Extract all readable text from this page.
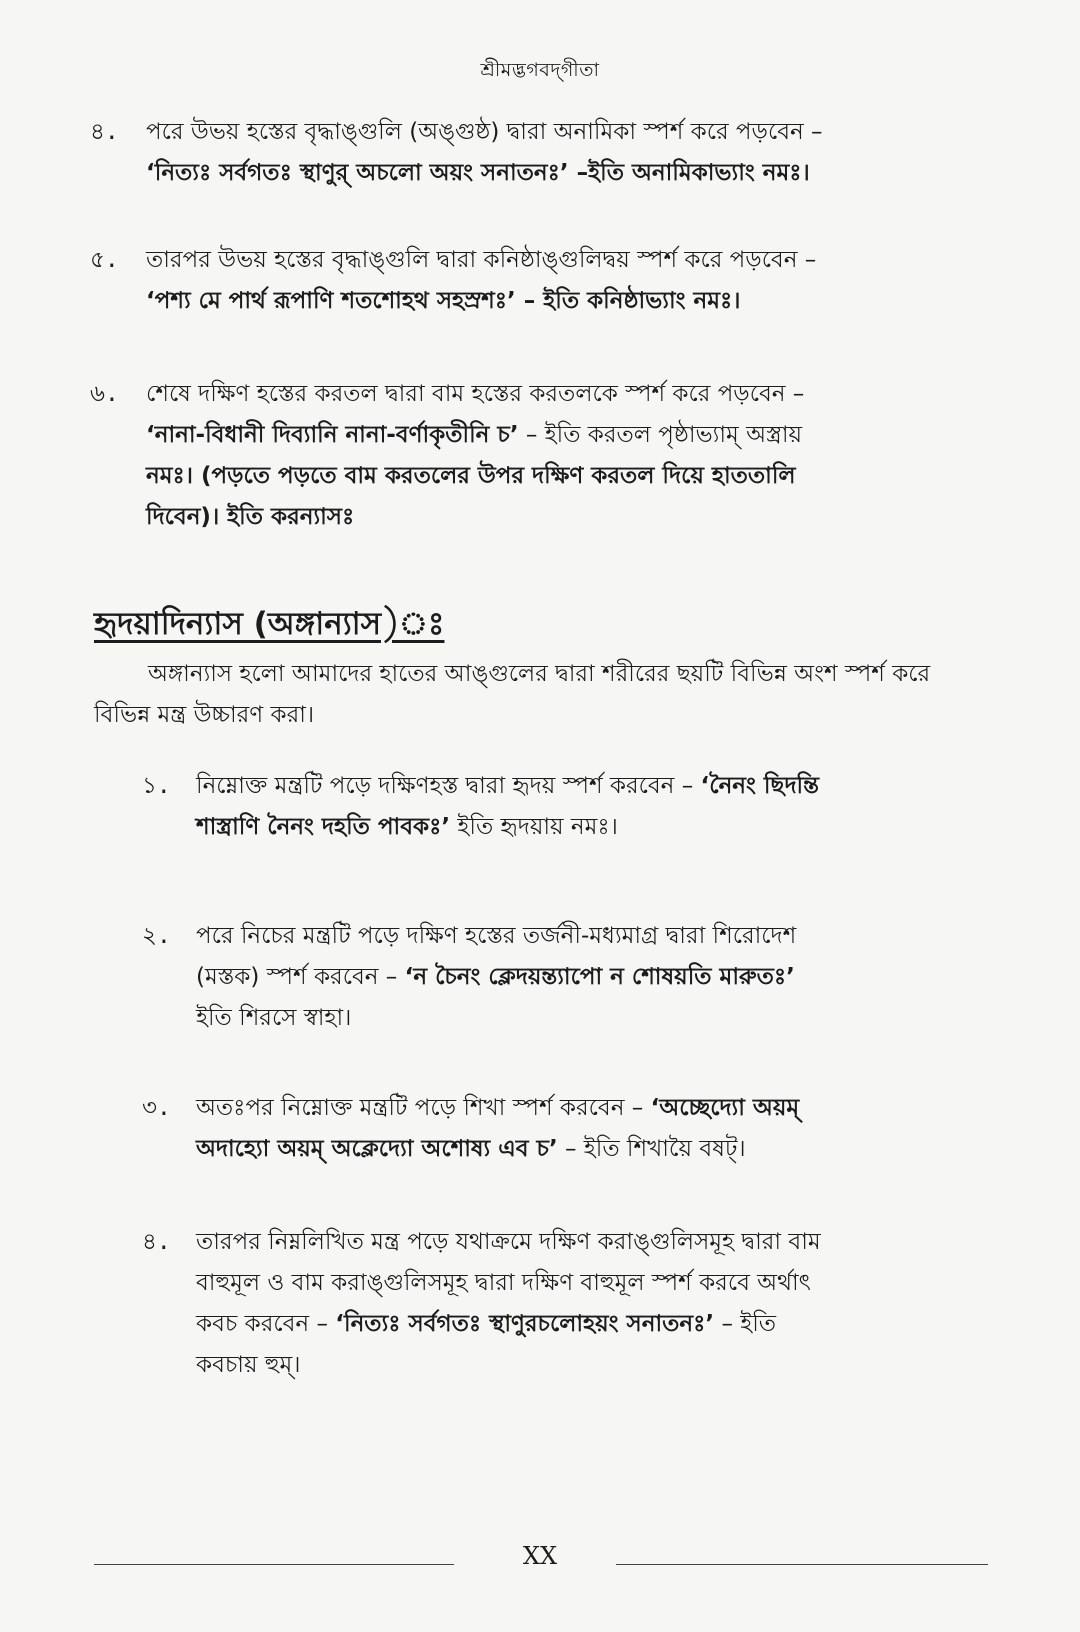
শ্রীমদ্ভগবদ্‌গীতা
৪.	পরে উভয় হস্তের বৃদ্ধাঙ্গুলি (অঙ্গুষ্ঠ) দ্বারা অনামিকা স্পর্শ করে পড়বেন –

‘নিত্যঃ সর্বগতঃ স্থাণুর্‌ অচলো অয়ং সনাতনঃ’ –ইতি অনামিকাভ্যাং নমঃ।

৫.	তারপর উভয় হস্তের বৃদ্ধাঙ্গুলি দ্বারা কনিষ্ঠাঙ্গুলিদ্বয় স্পর্শ করে পড়বেন –

‘পশ্য মে পার্থ রূপাণি শতশোহথ সহস্রশঃ’ – ইতি কনিষ্ঠাভ্যাং নমঃ।

৬.	শেষে দক্ষিণ হস্তের করতল দ্বারা বাম হস্তের করতলকে স্পর্শ করে পড়বেন –

‘নানা-বিধানী দিব্যানি নানা-বর্ণাকৃতীনি চ’ – ইতি করতল পৃষ্ঠাভ্যাম্‌ অস্ত্রায়

নমঃ। (পড়তে পড়তে বাম করতলের উপর দক্ষিণ করতল দিয়ে হাততালি

দিবেন)। ইতি করন্যাসঃ

হৃদয়াদিন্যাস (অঙ্গান্যাস)ঃ

অঙ্গান্যাস হলো আমাদের হাতের আঙ্গুলের দ্বারা শরীরের ছয়টি বিভিন্ন অংশ স্পর্শ করে বিভিন্ন মন্ত্র উচ্চারণ করা।

১.	নিম্নোক্ত মন্ত্রটি পড়ে দক্ষিণহস্ত দ্বারা হৃদয় স্পর্শ করবেন – ‘নৈনং ছিদন্তি

শাস্ত্রাণি নৈনং দহতি পাবকঃ’ ইতি হৃদয়ায় নমঃ।

২.	পরে নিচের মন্ত্রটি পড়ে দক্ষিণ হস্তের তর্জনী-মধ্যমাগ্র দ্বারা শিরোদেশ

(মস্তক) স্পর্শ করবেন – ‘ন চৈনং ক্লেদয়ন্ত্যাপো ন শোষয়তি মারুতঃ’

ইতি শিরসে স্বাহা।

৩.	অতঃপর নিম্নোক্ত মন্ত্রটি পড়ে শিখা স্পর্শ করবেন – ‘অচ্ছেদ্যো অয়ম্‌

অদাহ্যো অয়ম্‌ অক্লেদ্যো অশোষ্য এব চ’ – ইতি শিখায়ৈ বষট্‌।

৪.	তারপর নিম্নলিখিত মন্ত্র পড়ে যথাক্রমে দক্ষিণ করাঙ্গুলিসমূহ দ্বারা বাম

বাহুমূল ও বাম করাঙ্গুলিসমূহ দ্বারা দক্ষিণ বাহুমূল স্পর্শ করবে অর্থাৎ

কবচ করবেন – ‘নিত্যঃ সর্বগতঃ স্থাণুরচলোহয়ং সনাতনঃ’ – ইতি

কবচায় হুম্‌।

XX
